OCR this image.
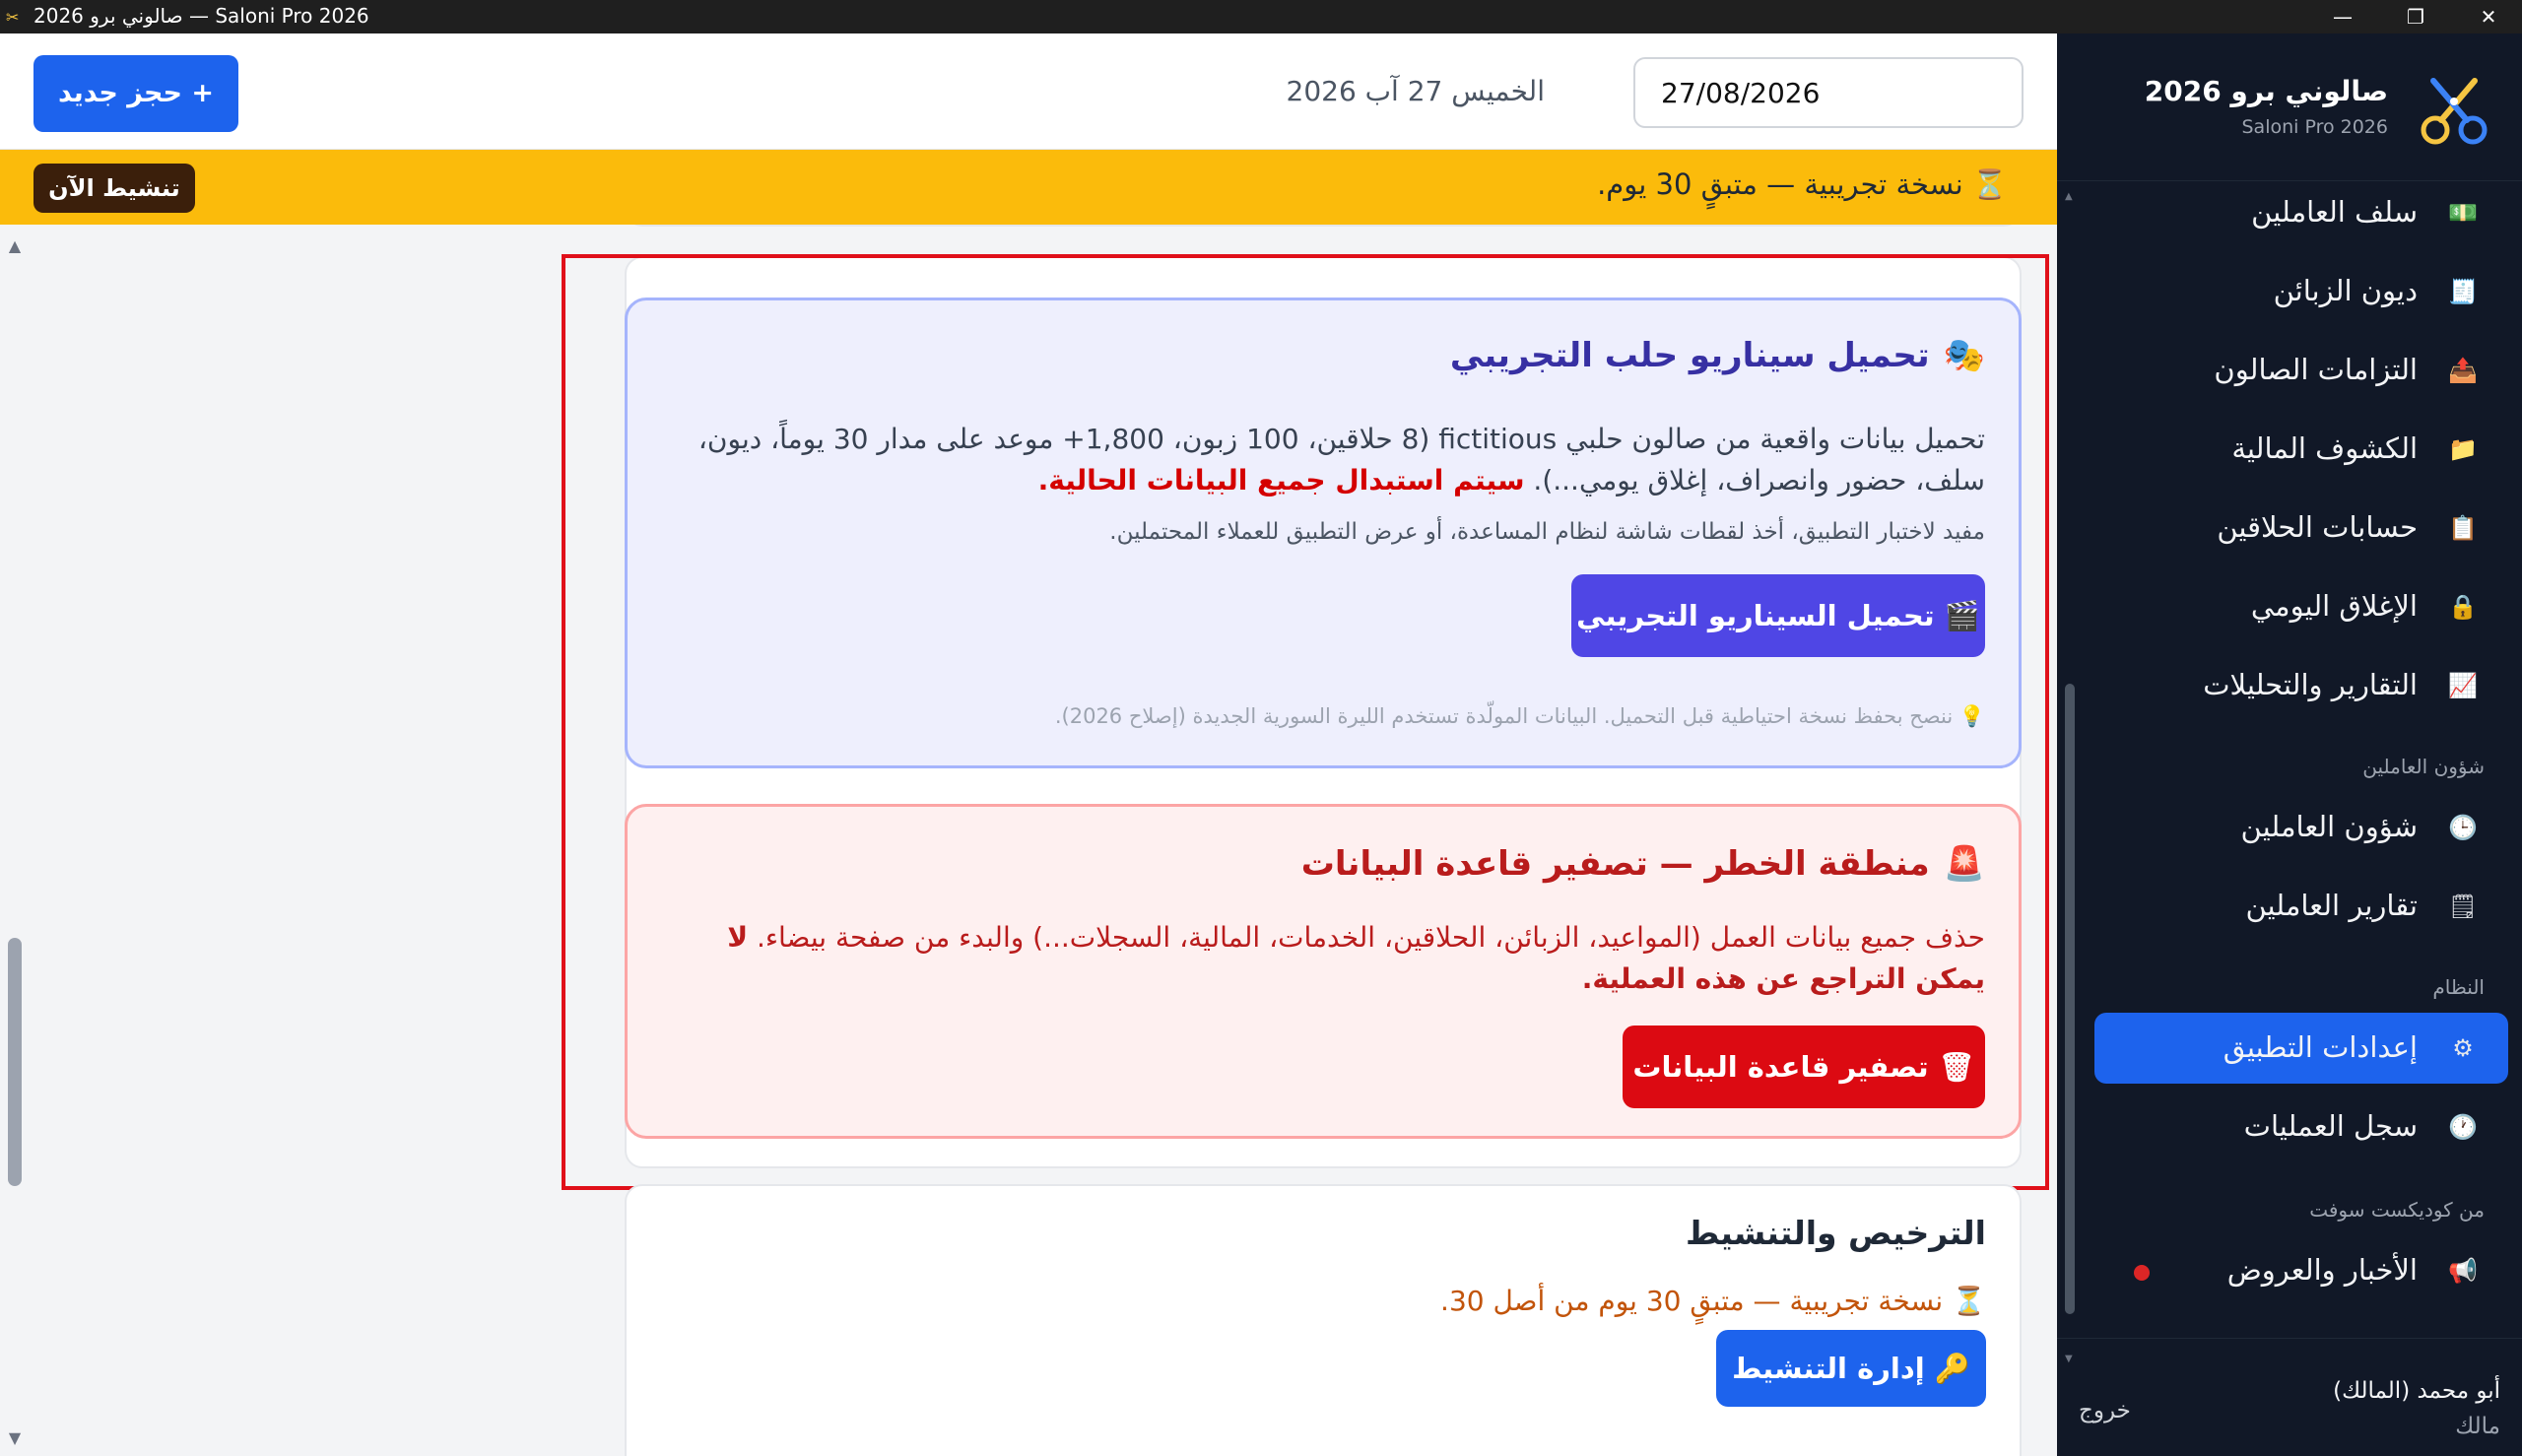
✂ صالوني برو 2026 — Saloni Pro 2026	—	❐	✕
+ حجز جديد	الخميس 27 آب 2026
27/08/2026
⏳ نسخة تجريبية — متبقٍ 30 يوم.
تنشيط الآن
▲
▼
🎭تحميل سيناريو حلب التجريبي
تحميل بيانات واقعية من صالون حلبي fictitious (8 حلاقين، 100 زبون، 1,800+ موعد على مدار 30 يوماً، ديون، سلف، حضور وانصراف، إغلاق يومي...). سيتم استبدال جميع البيانات الحالية.
مفيد لاختبار التطبيق، أخذ لقطات شاشة لنظام المساعدة، أو عرض التطبيق للعملاء المحتملين.
🎬 تحميل السيناريو التجريبي
💡 ننصح بحفظ نسخة احتياطية قبل التحميل. البيانات المولّدة تستخدم الليرة السورية الجديدة (إصلاح 2026).
🚨منطقة الخطر — تصفير قاعدة البيانات
حذف جميع بيانات العمل (المواعيد، الزبائن، الحلاقين، الخدمات، المالية، السجلات...) والبدء من صفحة بيضاء. لا يمكن التراجع عن هذه العملية.
🗑 تصفير قاعدة البيانات
الترخيص والتنشيط
⏳ نسخة تجريبية — متبقٍ 30 يوم من أصل 30.
🔑 إدارة التنشيط
صالوني برو 2026
Saloni Pro 2026
▲
▼
💵
سلف العاملين
🧾
ديون الزبائن
📤
التزامات الصالون
📁
الكشوف المالية
📋
حسابات الحلاقين
🔒
الإغلاق اليومي
📈
التقارير والتحليلات
شؤون العاملين
🕒
شؤون العاملين
🗒
تقارير العاملين
النظام
⚙
إعدادات التطبيق
🕐
سجل العمليات
من كوديكست سوفت
📢
الأخبار والعروض
أبو محمد (المالك)
مالك
خروج
